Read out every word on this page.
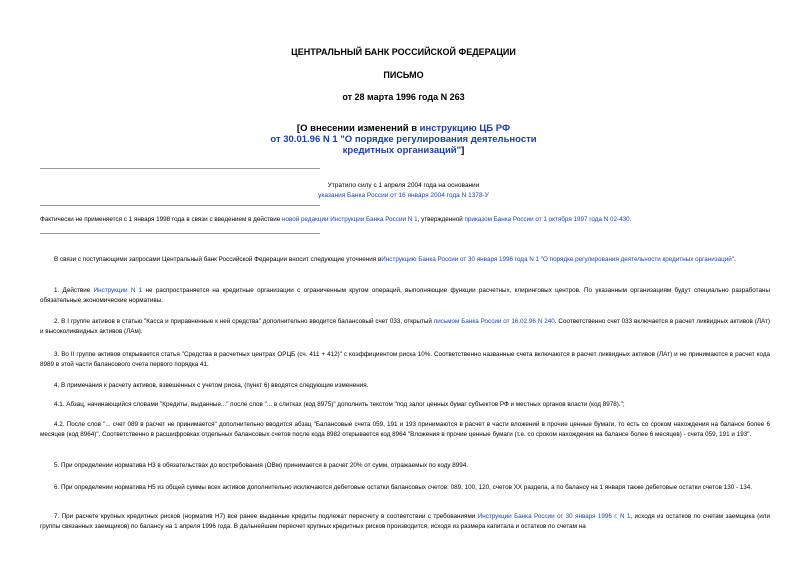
ЦЕНТРАЛЬНЫЙ БАНК РОССИЙСКОЙ ФЕДЕРАЦИИ
ПИСЬМО
от 28 марта 1996 года N 263
[О внесении изменений в инструкцию ЦБ РФ
от 30.01.96 N 1 "О порядке регулирования деятельности кредитных организаций"]
Утратило силу с 1 апреля 2004 года на основании
указания Банка России от 16 января 2004 года N 1378-У
Фактически не применяется с 1 января 1998 года в связи с введением в действие новой редакции Инструкции Банка России N 1, утвержденной приказом Банка России от 1 октября 1997 года N 02-430.
В связи с поступающими запросами Центральный банк Российской Федерации вносит следующие уточнения вИнструкцию Банка России от 30 января 1996 года N 1 "О порядке регулирования деятельности кредитных организаций".
1. Действие Инструкции N 1 не распространяется на кредитные организации с ограниченным кругом операций, выполняющие функции расчетных, клиринговых центров. По указанным организациям будут специально разработаны обязательные экономические нормативы.
2. В I группе активов в статью "Касса и приравненные к ней средства" дополнительно вводится балансовый счет 033, открытый письмом Банка России от 16.02.96 N 240. Соответственно счет 033 включается в расчет ликвидных активов (ЛАт) и высоколиквидных активов (ЛАм).
3. Во II группе активов открывается статья "Средства в расчетных центрах ОРЦБ (сч. 411 + 412)" с коэффициентом риска 10%. Соответственно названные счета включаются в расчет ликвидных активов (ЛАт) и не принимаются в расчет кода 8989 в этой части балансового счета первого порядка 41.
4. В примечания к расчету активов, взвешенных с учетом риска, (пункт 6) вводятся следующие изменения.
4.1. Абзац, начинающийся словами "Кредиты, выданные..." после слов "... в слитках (код 8975)" дополнить текстом "под залог ценных бумаг субъектов РФ и местных органов власти (код 8978).";
4.2. После слов "... счет 089 в расчет не принимается" дополнительно вводится абзац "Балансовые счета 059, 191 и 193 принимаются в расчет в части вложений в прочие ценные бумаги, то есть со сроком нахождения на балансе более 6 месяцев (код 8964)". Соответственно в расшифровках отдельных балансовых счетов после кода 8982 открывается код 8964 "Вложения в прочие ценные бумаги (т.е. со сроком нахождения на балансе более 6 месяцев) - счета 059, 191 и 193".
5. При определении норматива Н3 в обязательствах до востребования (ОВм) принимается в расчет 20% от сумм, отражаемых по коду 8994.
6. При определении норматива Н5 из общей суммы всех активов дополнительно исключаются дебетовые остатки балансовых счетов: 089, 100, 120, счетов ХХ раздела, а по балансу на 1 января также дебетовые остатки счетов 130 - 134.
7. При расчете крупных кредитных рисков (норматив Н7) все ранее выданные кредиты подлежат пересчету в соответствии с требованиями Инструкции Банка России от 30 января 1996 г. N 1, исходя из остатков по счетам заемщика (или группы связанных заемщиков) по балансу на 1 апреля 1996 года. В дальнейшем пересчет крупных кредитных рисков производится, исходя из размера капитала и остатков по счетам на
